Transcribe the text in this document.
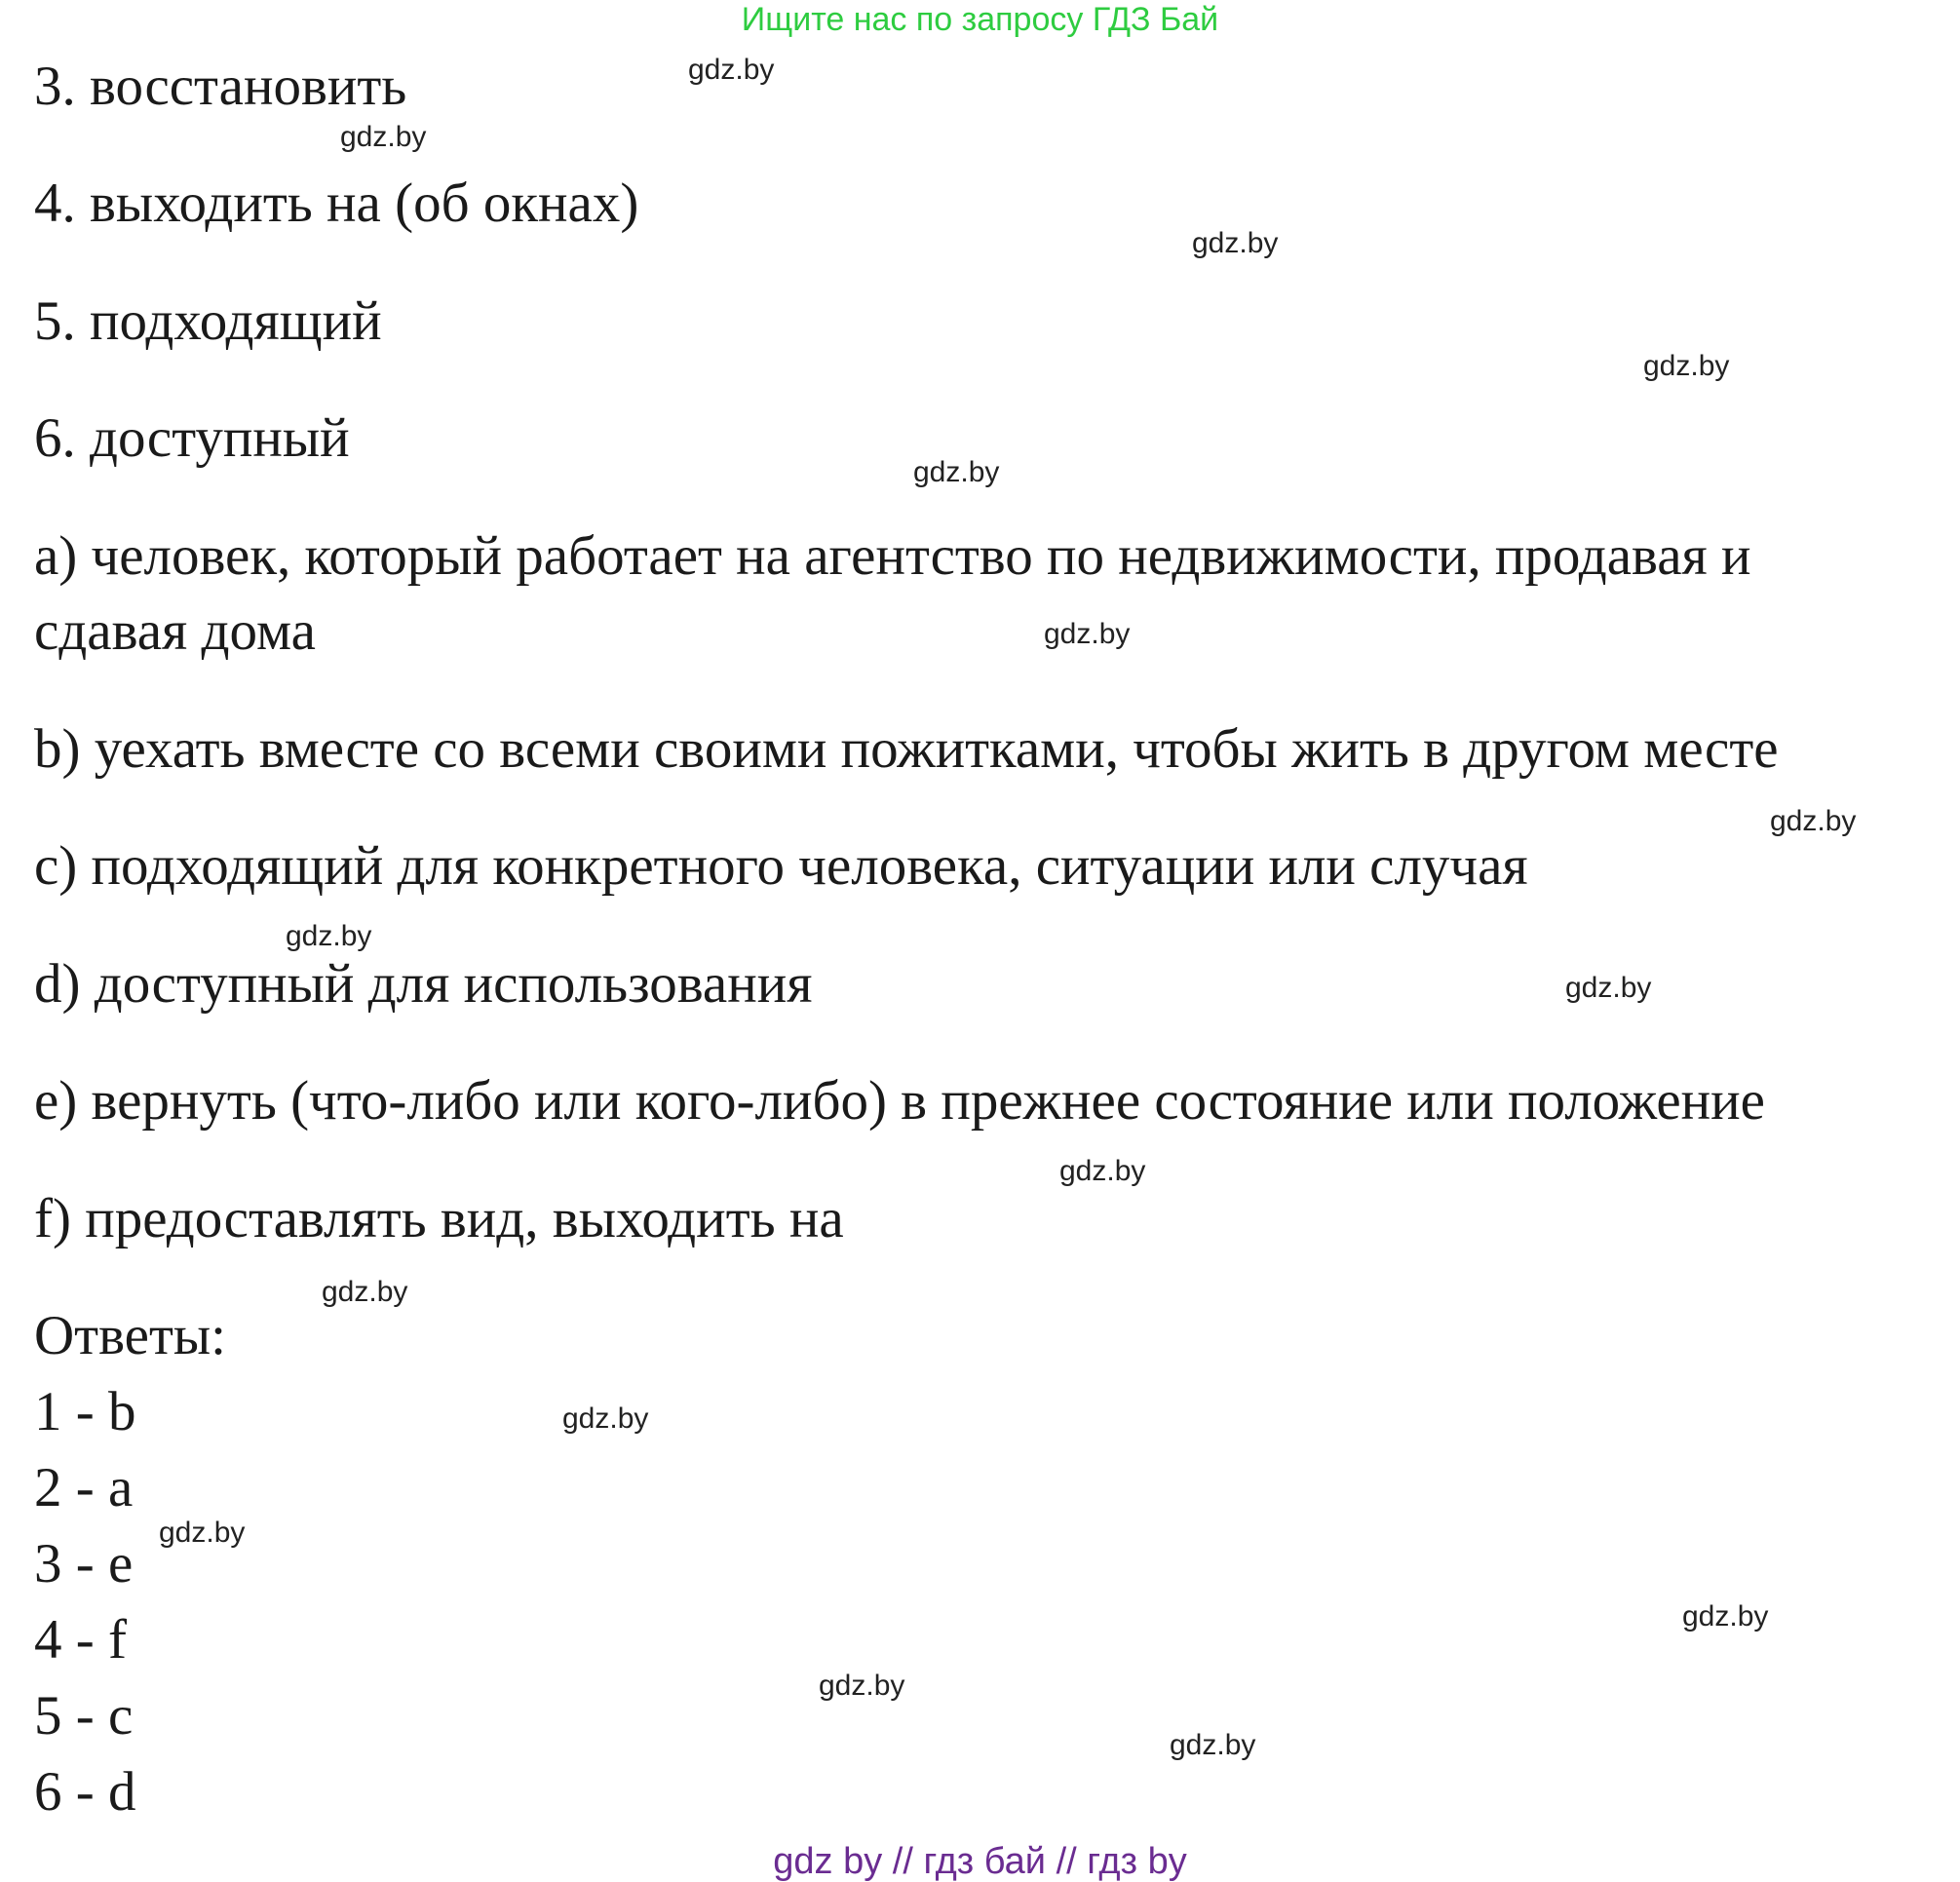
Ищите нас по запросу ГДЗ Бай
3. восстановить
4. выходить на (об окнах)
5. подходящий
6. доступный
a) человек, который работает на агентство по недвижимости, продавая и
сдавая дома
b) уехать вместе со всеми своими пожитками, чтобы жить в другом месте
c) подходящий для конкретного человека, ситуации или случая
d) доступный для использования
e) вернуть (что-либо или кого-либо) в прежнее состояние или положение
f) предоставлять вид, выходить на
Ответы:
1 - b
2 - a
3 - e
4 - f
5 - c
6 - d
gdz.by
gdz.by
gdz.by
gdz.by
gdz.by
gdz.by
gdz.by
gdz.by
gdz.by
gdz.by
gdz.by
gdz.by
gdz.by
gdz.by
gdz.by
gdz.by
gdz by // гдз бай // гдз by
